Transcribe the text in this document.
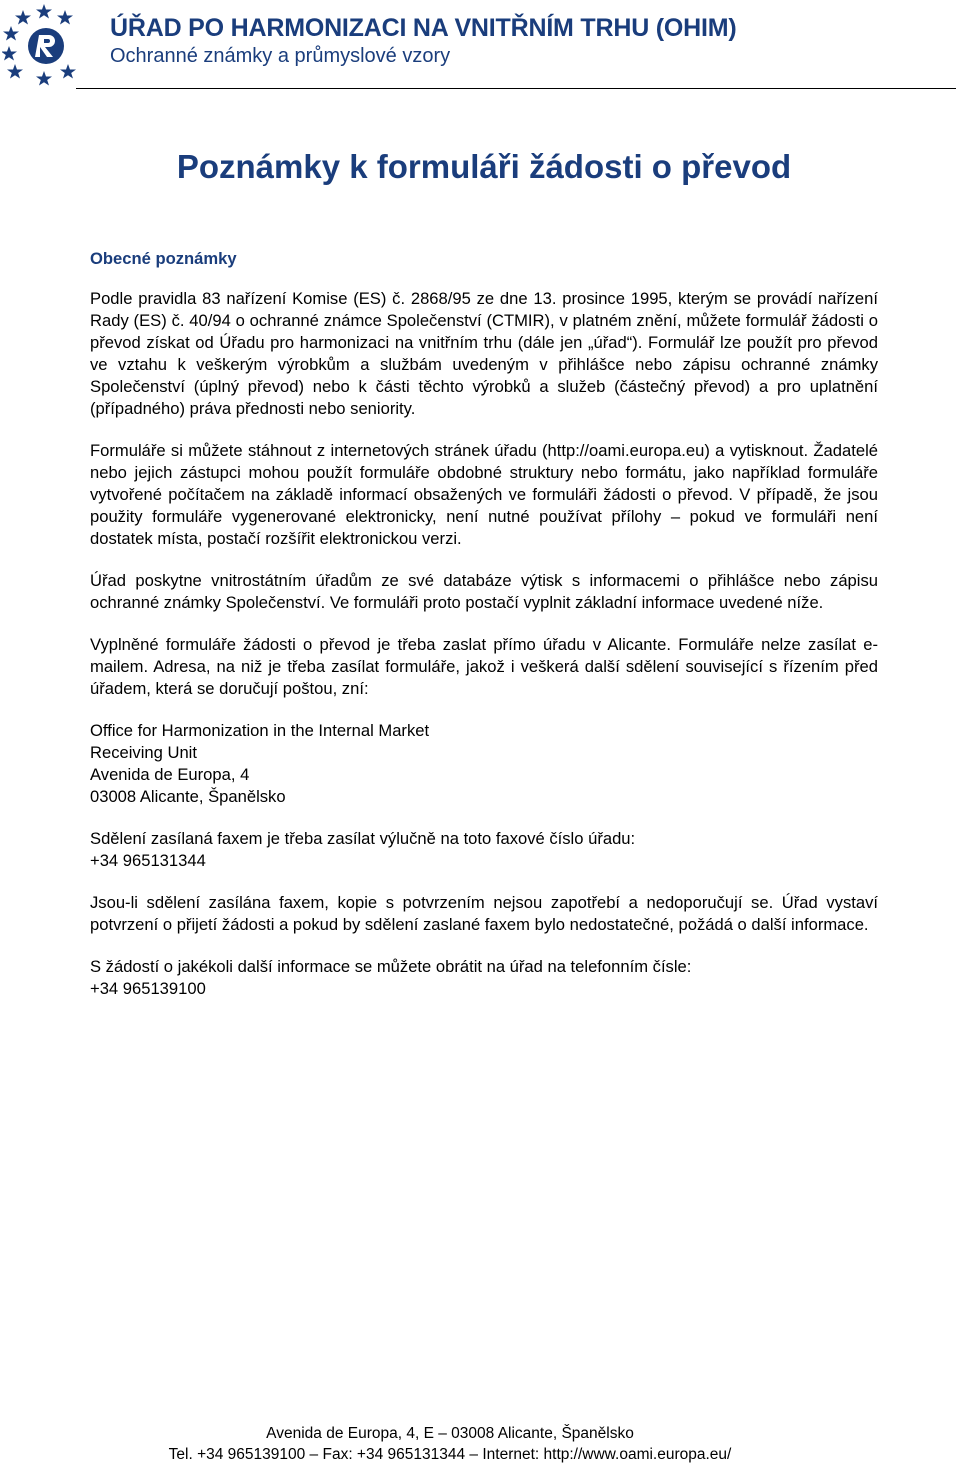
ÚŘAD PO HARMONIZACI NA VNITŘNÍM TRHU (OHIM)
Ochranné známky a průmyslové vzory
Poznámky k formuláři žádosti o převod

Obecné poznámky

Podle pravidla 83 nařízení Komise (ES) č. 2868/95 ze dne 13. prosince 1995, kterým se provádí nařízení Rady (ES) č. 40/94 o ochranné známce Společenství (CTMIR), v platném znění, můžete formulář žádosti o převod získat od Úřadu pro harmonizaci na vnitřním trhu (dále jen „úřad“). Formulář lze použít pro převod ve vztahu k veškerým výrobkům a službám uvedeným v přihlášce nebo zápisu ochranné známky Společenství (úplný převod) nebo k části těchto výrobků a služeb (částečný převod) a pro uplatnění (případného) práva přednosti nebo seniority.

Formuláře si můžete stáhnout z internetových stránek úřadu (http://oami.europa.eu) a vytisknout. Žadatelé nebo jejich zástupci mohou použít formuláře obdobné struktury nebo formátu, jako například formuláře vytvořené počítačem na základě informací obsažených ve formuláři žádosti o převod. V případě, že jsou použity formuláře vygenerované elektronicky, není nutné používat přílohy – pokud ve formuláři není dostatek místa, postačí rozšířit elektronickou verzi.

Úřad poskytne vnitrostátním úřadům ze své databáze výtisk s informacemi o přihlášce nebo zápisu ochranné známky Společenství. Ve formuláři proto postačí vyplnit základní informace uvedené níže.

Vyplněné formuláře žádosti o převod je třeba zaslat přímo úřadu v Alicante. Formuláře nelze zasílat e-mailem. Adresa, na niž je třeba zasílat formuláře, jakož i veškerá další sdělení související s řízením před úřadem, která se doručují poštou, zní:

Office for Harmonization in the Internal Market
Receiving Unit
Avenida de Europa, 4
03008 Alicante, Španělsko
Sdělení zasílaná faxem je třeba zasílat výlučně na toto faxové číslo úřadu:
+34 965131344

Jsou-li sdělení zasílána faxem, kopie s potvrzením nejsou zapotřebí a nedoporučují se. Úřad vystaví potvrzení o přijetí žádosti a pokud by sdělení zaslané faxem bylo nedostatečné, požádá o další informace.

S žádostí o jakékoli další informace se můžete obrátit na úřad na telefonním čísle:
+34 965139100
Avenida de Europa, 4, E – 03008 Alicante, Španělsko
Tel. +34 965139100 – Fax: +34 965131344 – Internet: http://www.oami.europa.eu/
